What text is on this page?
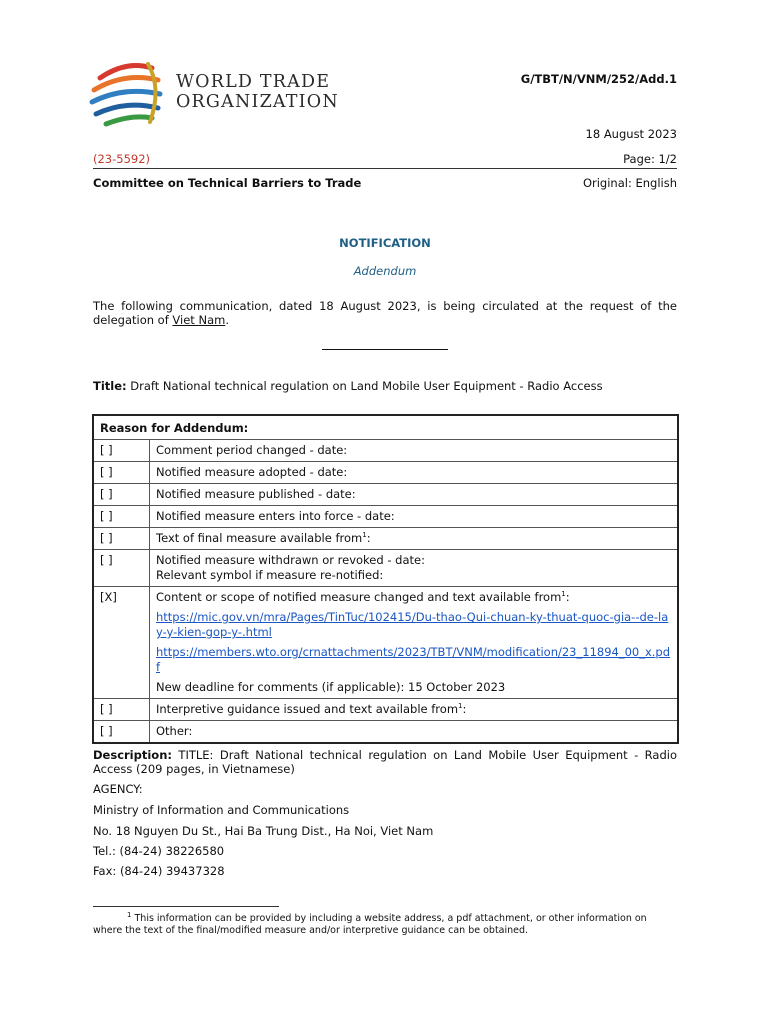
WORLD TRADE
ORGANIZATION
G/TBT/N/VNM/252/Add.1
18 August 2023
(23-5592)	Page: 1/2
Committee on Technical Barriers to Trade	Original: English
NOTIFICATION
Addendum
The following communication, dated 18 August 2023, is being circulated at the request of the delegation of Viet Nam.
Title: Draft National technical regulation on Land Mobile User Equipment - Radio Access
Reason for Addendum:	
[ ]	Comment period changed - date:
[ ]	Notified measure adopted - date:
[ ]	Notified measure published - date:
[ ]	Notified measure enters into force - date:
[ ]	Text of final measure available from$^1$:
[ ]	Notified measure withdrawn or revoked - date:
Relevant symbol if measure re-notified:

[X]	Content or scope of notified measure changed and text available from$^1$:
https://mic.gov.vn/mra/Pages/TinTuc/102415/Du-thao-Qui-chuan-ky-thuat-quoc-gia--de-lay-y-kien-gop-y-.html
https://members.wto.org/crnattachments/2023/TBT/VNM/modification/23_11894_00_x.pdf
New deadline for comments (if applicable): 15 October 2023

[ ]	Interpretive guidance issued and text available from$^1$:
[ ]	Other:
Description: TITLE: Draft National technical regulation on Land Mobile User Equipment - Radio Access (209 pages, in Vietnamese)
AGENCY:
Ministry of Information and Communications
No. 18 Nguyen Du St., Hai Ba Trung Dist., Ha Noi, Viet Nam
Tel.: (84-24) 38226580
Fax: (84-24) 39437328
$^1$ This information can be provided by including a website address, a pdf attachment, or other information on where the text of the final/modified measure and/or interpretive guidance can be obtained.
